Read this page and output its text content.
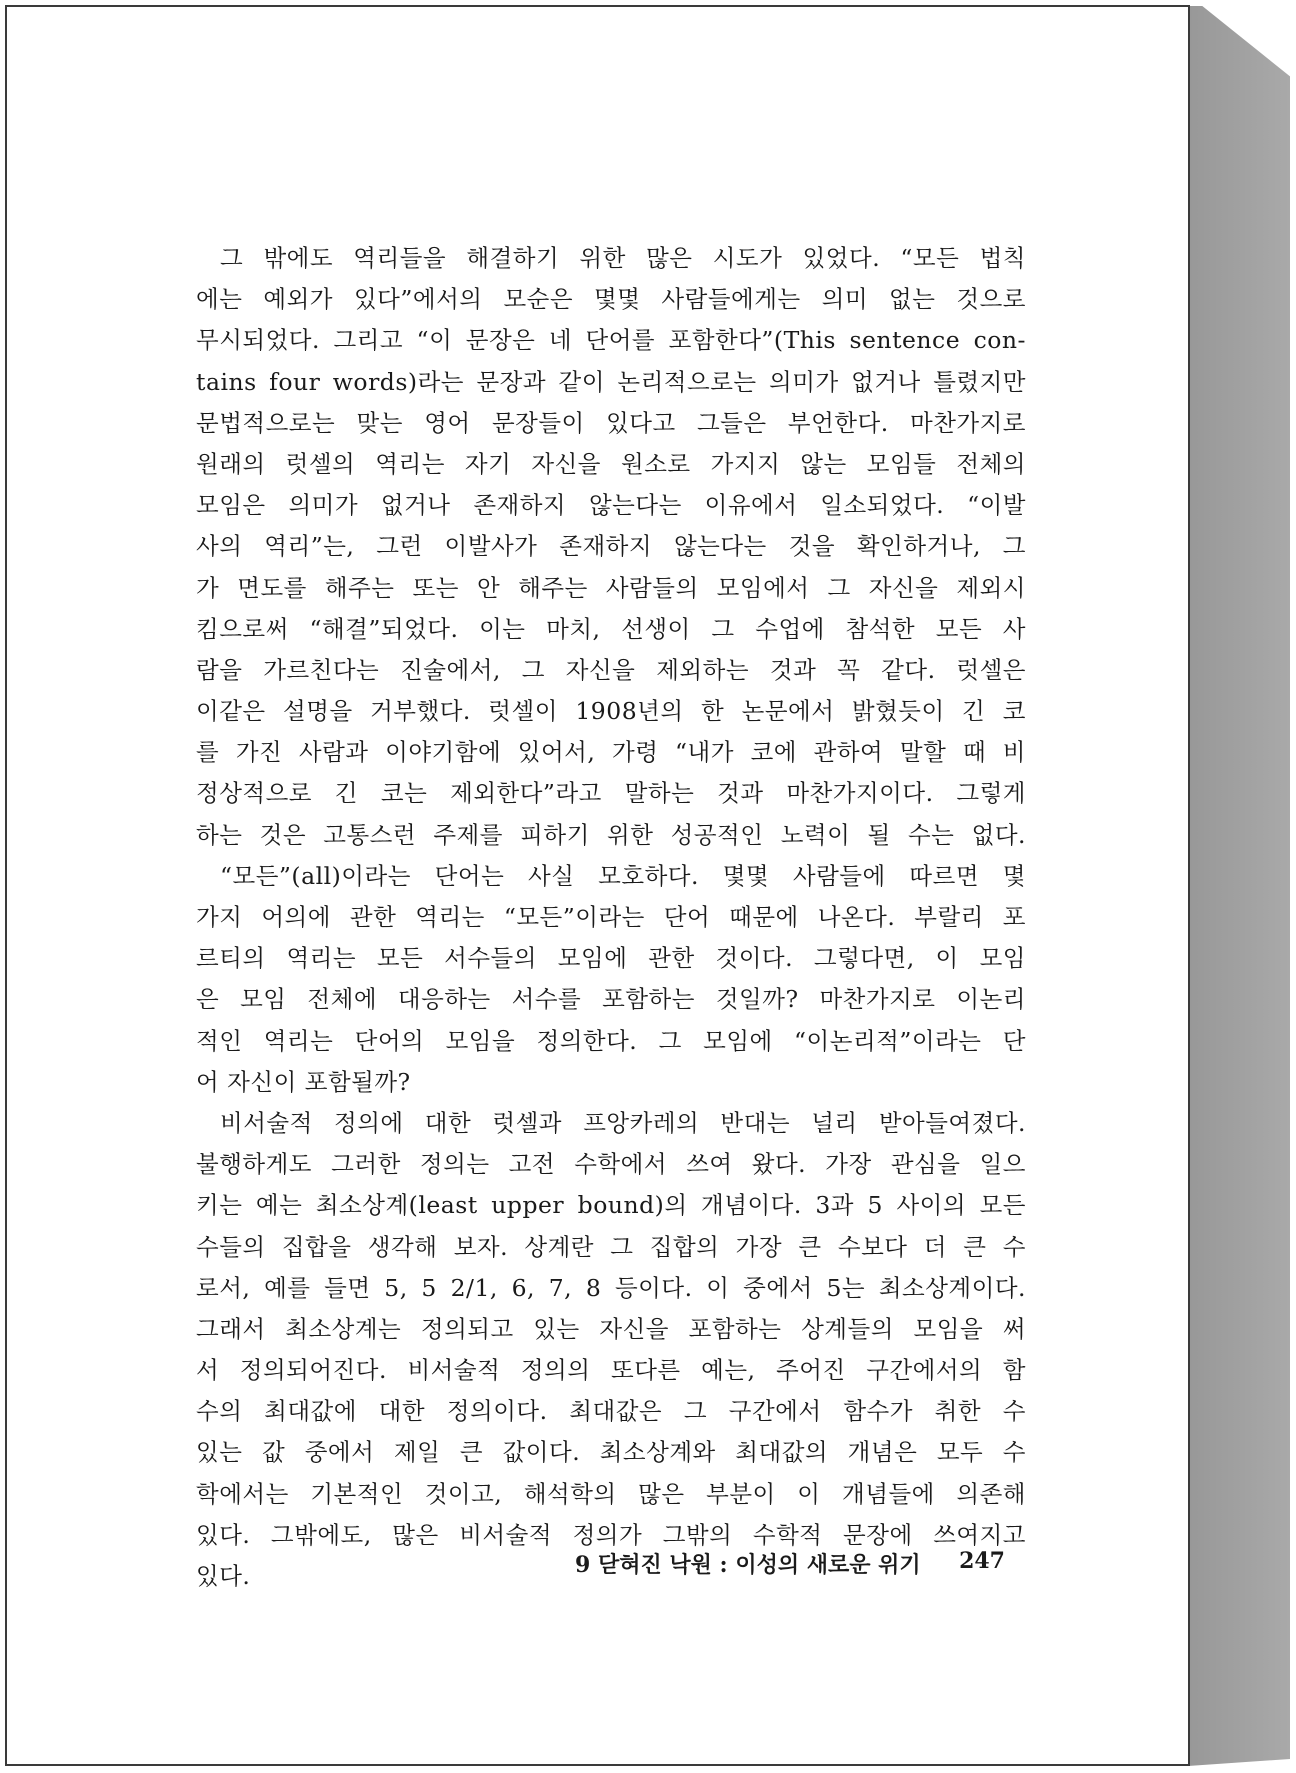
그 밖에도 역리들을 해결하기 위한 많은 시도가 있었다. “모든 법칙
에는 예외가 있다”에서의 모순은 몇몇 사람들에게는 의미 없는 것으로
무시되었다. 그리고 “이 문장은 네 단어를 포함한다”(This sentence con-
tains four words)라는 문장과 같이 논리적으로는 의미가 없거나 틀렸지만
문법적으로는 맞는 영어 문장들이 있다고 그들은 부언한다. 마찬가지로
원래의 럿셀의 역리는 자기 자신을 원소로 가지지 않는 모임들 전체의
모임은 의미가 없거나 존재하지 않는다는 이유에서 일소되었다. “이발
사의 역리”는, 그런 이발사가 존재하지 않는다는 것을 확인하거나, 그
가 면도를 해주는 또는 안 해주는 사람들의 모임에서 그 자신을 제외시
킴으로써 “해결”되었다. 이는 마치, 선생이 그 수업에 참석한 모든 사
람을 가르친다는 진술에서, 그 자신을 제외하는 것과 꼭 같다. 럿셀은
이같은 설명을 거부했다. 럿셀이 1908년의 한 논문에서 밝혔듯이 긴 코
를 가진 사람과 이야기함에 있어서, 가령 “내가 코에 관하여 말할 때 비
정상적으로 긴 코는 제외한다”라고 말하는 것과 마찬가지이다. 그렇게
하는 것은 고통스런 주제를 피하기 위한 성공적인 노력이 될 수는 없다.
“모든”(all)이라는 단어는 사실 모호하다. 몇몇 사람들에 따르면 몇
가지 어의에 관한 역리는 “모든”이라는 단어 때문에 나온다. 부랄리 포
르티의 역리는 모든 서수들의 모임에 관한 것이다. 그렇다면, 이 모임
은 모임 전체에 대응하는 서수를 포함하는 것일까? 마찬가지로 이논리
적인 역리는 단어의 모임을 정의한다. 그 모임에 “이논리적”이라는 단
어 자신이 포함될까?
비서술적 정의에 대한 럿셀과 프앙카레의 반대는 널리 받아들여졌다.
불행하게도 그러한 정의는 고전 수학에서 쓰여 왔다. 가장 관심을 일으
키는 예는 최소상계(least upper bound)의 개념이다. 3과 5 사이의 모든
수들의 집합을 생각해 보자. 상계란 그 집합의 가장 큰 수보다 더 큰 수
로서, 예를 들면 5, 5 2/1, 6, 7, 8 등이다. 이 중에서 5는 최소상계이다.
그래서 최소상계는 정의되고 있는 자신을 포함하는 상계들의 모임을 써
서 정의되어진다. 비서술적 정의의 또다른 예는, 주어진 구간에서의 함
수의 최대값에 대한 정의이다. 최대값은 그 구간에서 함수가 취한 수
있는 값 중에서 제일 큰 값이다. 최소상계와 최대값의 개념은 모두 수
학에서는 기본적인 것이고, 해석학의 많은 부분이 이 개념들에 의존해
있다. 그밖에도, 많은 비서술적 정의가 그밖의 수학적 문장에 쓰여지고
있다.	9 닫혀진 낙원 : 이성의 새로운 위기 247
